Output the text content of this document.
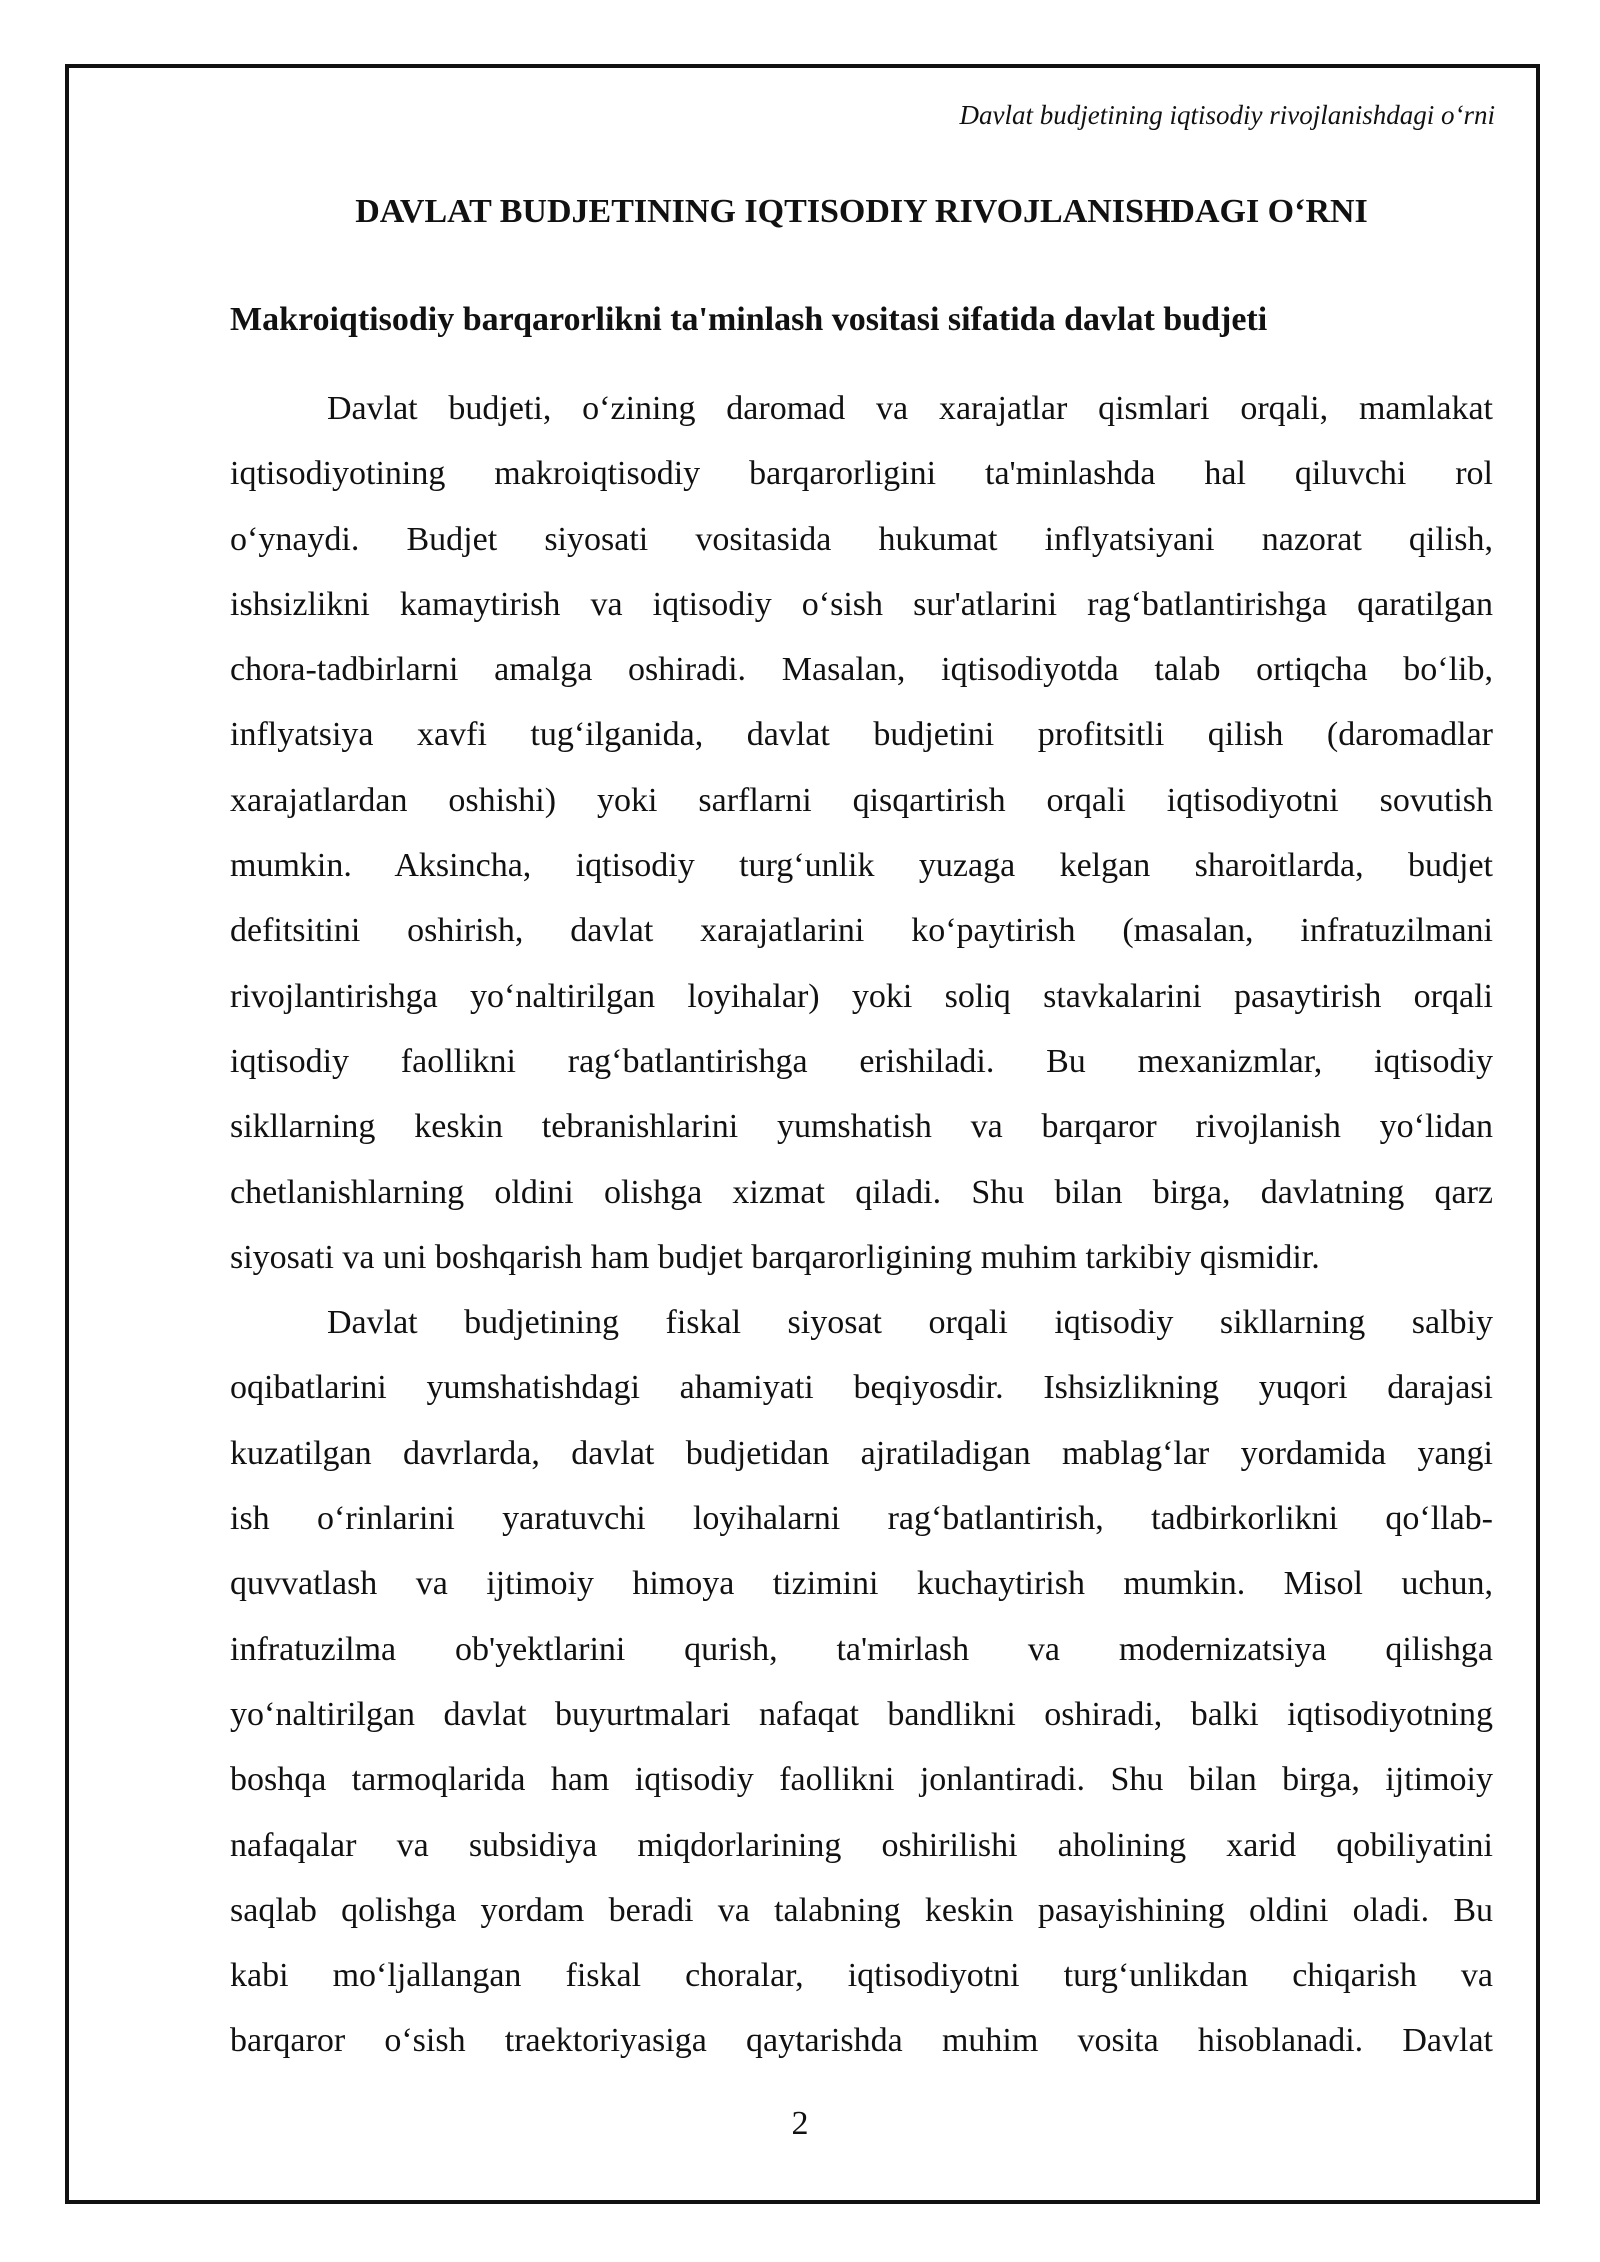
Davlat budjetining iqtisodiy rivojlanishdagi o‘rni
DAVLAT BUDJETINING IQTISODIY RIVOJLANISHDAGI O‘RNI
Makroiqtisodiy barqarorlikni ta'minlash vositasi sifatida davlat budjeti
Davlat budjeti, o‘zining daromad va xarajatlar qismlari orqali, mamlakat
iqtisodiyotining makroiqtisodiy barqarorligini ta'minlashda hal qiluvchi rol
o‘ynaydi. Budjet siyosati vositasida hukumat inflyatsiyani nazorat qilish,
ishsizlikni kamaytirish va iqtisodiy o‘sish sur'atlarini rag‘batlantirishga qaratilgan
chora-tadbirlarni amalga oshiradi. Masalan, iqtisodiyotda talab ortiqcha bo‘lib,
inflyatsiya xavfi tug‘ilganida, davlat budjetini profitsitli qilish (daromadlar
xarajatlardan oshishi) yoki sarflarni qisqartirish orqali iqtisodiyotni sovutish
mumkin. Aksincha, iqtisodiy turg‘unlik yuzaga kelgan sharoitlarda, budjet
defitsitini oshirish, davlat xarajatlarini ko‘paytirish (masalan, infratuzilmani
rivojlantirishga yo‘naltirilgan loyihalar) yoki soliq stavkalarini pasaytirish orqali
iqtisodiy faollikni rag‘batlantirishga erishiladi. Bu mexanizmlar, iqtisodiy
sikllarning keskin tebranishlarini yumshatish va barqaror rivojlanish yo‘lidan
chetlanishlarning oldini olishga xizmat qiladi. Shu bilan birga, davlatning qarz
siyosati va uni boshqarish ham budjet barqarorligining muhim tarkibiy qismidir.
Davlat budjetining fiskal siyosat orqali iqtisodiy sikllarning salbiy
oqibatlarini yumshatishdagi ahamiyati beqiyosdir. Ishsizlikning yuqori darajasi
kuzatilgan davrlarda, davlat budjetidan ajratiladigan mablag‘lar yordamida yangi
ish o‘rinlarini yaratuvchi loyihalarni rag‘batlantirish, tadbirkorlikni qo‘llab-
quvvatlash va ijtimoiy himoya tizimini kuchaytirish mumkin. Misol uchun,
infratuzilma ob'yektlarini qurish, ta'mirlash va modernizatsiya qilishga
yo‘naltirilgan davlat buyurtmalari nafaqat bandlikni oshiradi, balki iqtisodiyotning
boshqa tarmoqlarida ham iqtisodiy faollikni jonlantiradi. Shu bilan birga, ijtimoiy
nafaqalar va subsidiya miqdorlarining oshirilishi aholining xarid qobiliyatini
saqlab qolishga yordam beradi va talabning keskin pasayishining oldini oladi. Bu
kabi mo‘ljallangan fiskal choralar, iqtisodiyotni turg‘unlikdan chiqarish va
barqaror o‘sish traektoriyasiga qaytarishda muhim vosita hisoblanadi. Davlat
2
